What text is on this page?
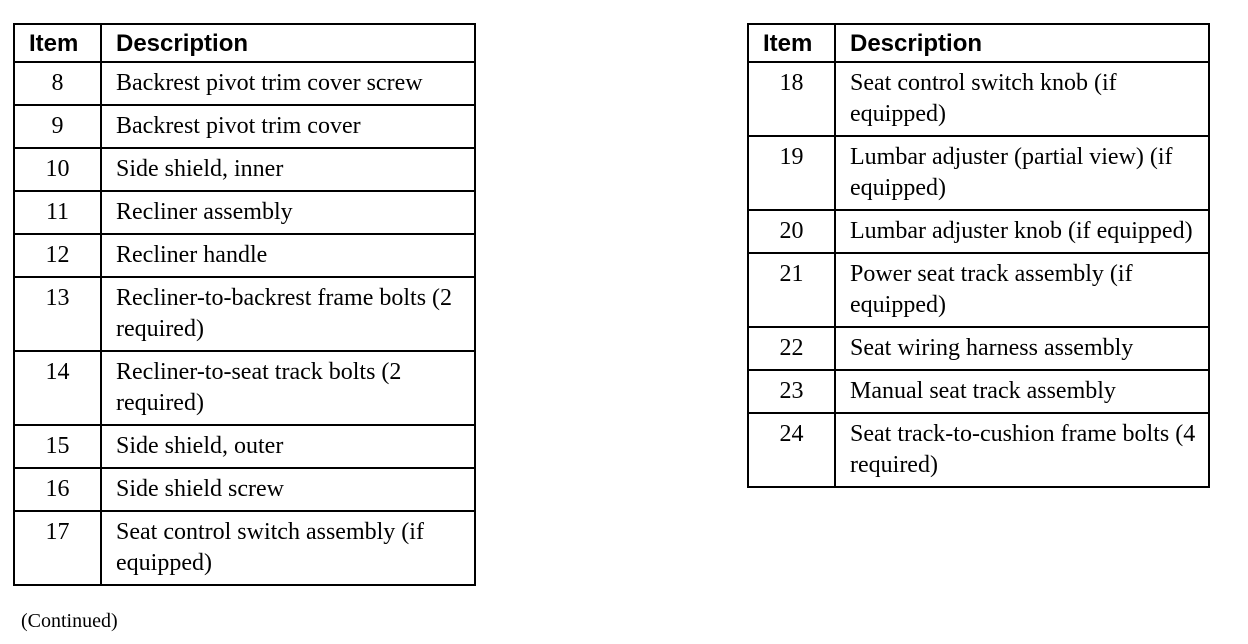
Item	Description
8	Backrest pivot trim cover screw
9	Backrest pivot trim cover
10	Side shield, inner
11	Recliner assembly
12	Recliner handle
13	Recliner-to-backrest frame bolts (2 required)
14	Recliner-to-seat track bolts (2 required)
15	Side shield, outer
16	Side shield screw
17	Seat control switch assembly (if equipped)
Item	Description
18	Seat control switch knob (if equipped)
19	Lumbar adjuster (partial view) (if equipped)
20	Lumbar adjuster knob (if equipped)
21	Power seat track assembly (if equipped)
22	Seat wiring harness assembly
23	Manual seat track assembly
24	Seat track-to-cushion frame bolts (4 required)
(Continued)
